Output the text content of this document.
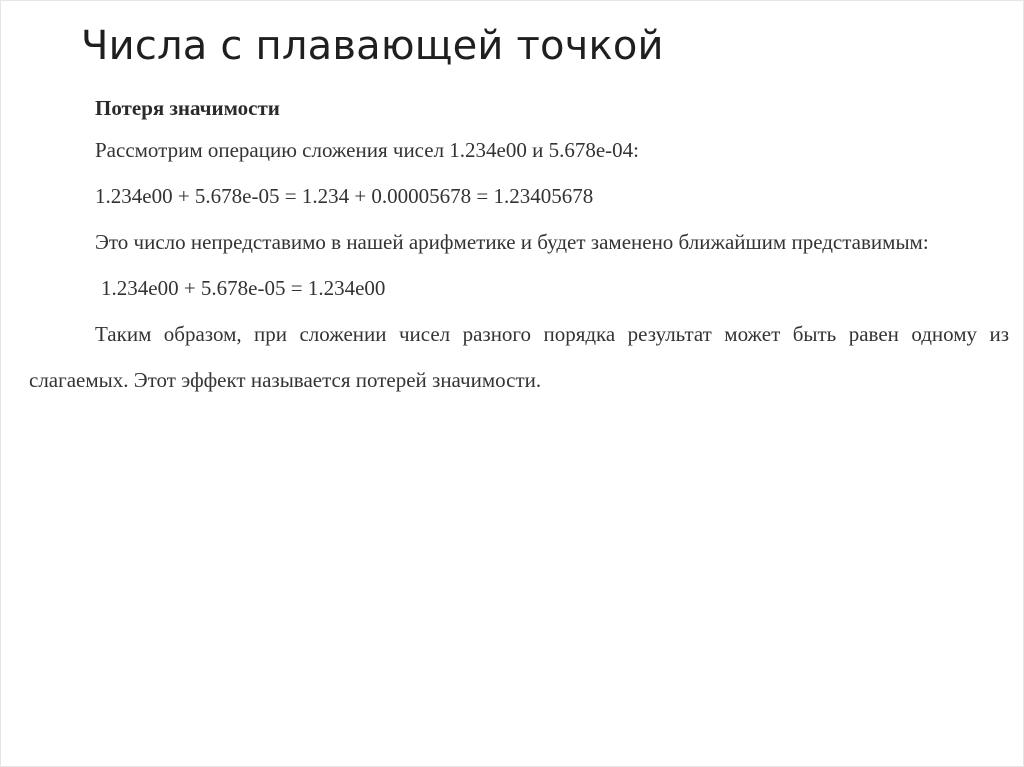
Числа с плавающей точкой

Потеря значимости

Рассмотрим операцию сложения чисел 1.234e00 и 5.678e-04:

1.234e00 + 5.678e-05 = 1.234 + 0.00005678 = 1.23405678

Это число непредставимо в нашей арифметике и будет заменено ближайшим представимым:

1.234e00 + 5.678e-05 = 1.234e00

Таким образом, при сложении чисел разного порядка результат может быть равен одному из слагаемых. Этот эффект называется потерей значимости.
